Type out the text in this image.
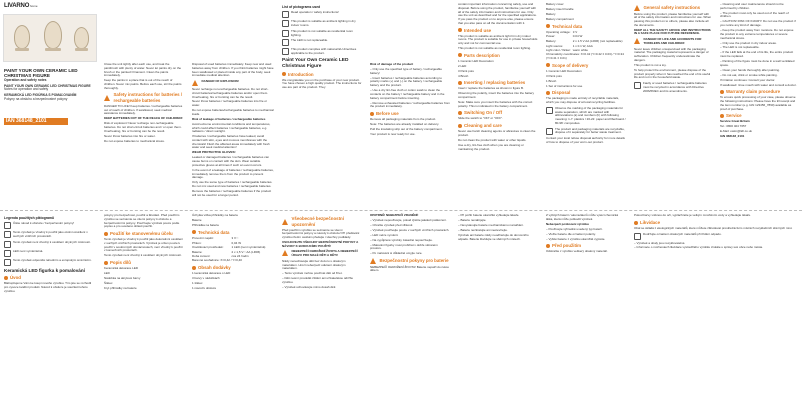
LIVARNO home
PAINT YOUR OWN CERAMIC LED CHRISTMAS FIGURE
Operation and safety notes
PAINT YOUR OWN CERAMIC LED CHRISTMAS FIGURE
Notes for operation and safety
KERAMICKÁ LED FIGÚRKA S POMAĽOVANÍM
Pokyny na obsluhu a bezpečnostné pokyny
IAN 368148_2101

Close the unit tightly after each use, and treat the paintbrush with plenty of water. Never let paints dry on the brush or the painted Ornament. Clean the paints immediately.

Keep the paints in a place that is out of the reach of children. Never mix paints. Before each use, stir the paints thoroughly.

Safety instructions for batteries / rechargeable batteries

DANGER TO LIFE! Keep batteries / rechargeable batteries out of reach of children. If swallowed, seek medical assistance immediately.

KEEP BATTERIES OUT OF THE REACH OF CHILDREN!

Risk of explosion! Never recharge non-rechargeable batteries. Do not short-circuit batteries and / or open them. Overheating, fire or bursting can be the result.

Never throw batteries into fire or water.

Do not expose batteries to mechanical stress.

Disposal of used batteries immediately. Keep new and used batteries away from children. If you think batteries might have been swallowed or placed inside any part of the body, seek immediate medical attention.

DANGER OF EXPLOSION!

Never recharge non-rechargeable batteries. Do not short-circuit batteries/rechargeable batteries and/or open them. Overheating, fire or bursting can be the result.

Never throw batteries / rechargeable batteries into fire or water.

Do not expose batteries/rechargeable batteries to mechanical loads.

Risk of leakage of batteries / rechargeable batteries

Avoid extreme environmental conditions and temperatures, which could affect batteries / rechargeable batteries, e.g. radiators / direct sunlight.

If batteries / rechargeable batteries have leaked, avoid contact with skin, eyes and mucous membranes with the chemicals! Flush the affected areas immediately with fresh water and seek medical attention!

WEAR PROTECTIVE GLOVES!

Leaked or damaged batteries / rechargeable batteries can cause burns on contact with the skin. Wear suitable protective gloves at all times if such an event occurs.

In the event of a leakage of batteries / rechargeable batteries, immediately remove them from the product to prevent damage.

Only use the same type of batteries / rechargeable batteries. Do not mix used and new batteries / rechargeable batteries.

Remove the batteries / rechargeable batteries if the product will not be used for a longer period.

List of pictograms used
Read operation / safety instructions!
This product is suitable as ambient lighting in dry indoor rooms.
This product is not suitable as residential room lighting.
The LED is not replaceable.
This product complies with national EU directives applicable to the product.
Paint Your Own Ceramic LED Christmas Figure
Introduction

We congratulate you on the purchase of your new product. You have chosen a high quality product. The instructions for use are part of the product. They

Risk of damage of the product

– Only use the specified type of battery / rechargeable battery!
– Insert batteries / rechargeable batteries according to polarity marks (+) and (-) on the battery / rechargeable battery and the product.
– Use a dry lint-free cloth or cotton swab to clean the contacts on the battery / rechargeable battery and in the battery compartment before inserting.
– Remove exhausted batteries / rechargeable batteries from the product immediately.
Before use

Remove all packaging materials from the product.

Note: The batteries are already installed on delivery.

Pull the insulating strip out of the battery compartment.

Your product is now ready for use.

contain important information concerning safety, use and disposal. Before using the product, familiarise yourself with all of the safety information and instructions for use. Only use the unit as described and for the specified applications. If you pass the product on to anyone else, please ensure that you also pass on all the documentation with it.

Intended use

This product is suitable as ambient light lit in dry indoor rooms. The product is suitable for use in private households only and not for commercial use.

This product is not suitable as residential room lighting.

Parts description

1 Ceramic LED Decoration

2 LED

3 Paint pots

4 Brush

Inserting / replacing batteries

Insert / replace the batteries as shown in figure B.

Observing the polarity, insert the batteries into the battery compartment.

Note: Make sure you insert the batteries with the correct polarity. This is indicated in the battery compartment.

Switching On / Off

Slide the switch to "ON" or "OFF".

Cleaning and care

Never use harsh cleaning agents or abrasives to clean the product.

Do not clean the product with water or other liquids.

Use a dry, lint-free cloth when you are cleaning or maintaining the product.

Battery cover

Battery insert handle

Battery

Battery compartment

Technical data
Operating voltage:	3 V
Power:	0.04 W
Battery:	2 x 1.5 V AA (LR06) (not replaceable)
Light source:	1 x 0.1 W, AAA
Light color / flicker:	warm white

Chromaticity coordinates: X=0.42 (Y=0.42 ± 0.03) / Y=0.34 (Y=0.41 ± 0.01)

Scope of delivery

1 Ceramic LED Decoration

3 Paint pots

1 Brush

1 Set of instructions for use

Disposal

The packaging is made entirely of recyclable materials, which you may dispose of at local recycling facilities.

Observe the marking of the packaging materials for waste separation, which are marked with abbreviations (a) and numbers (b) with following meaning: 1-7: plastics / 20-22: paper and fiberboard / 80-98: composites.
The product and packaging materials are recyclable, dispose of it separately for better waste treatment.

Contact your local refuse disposal authority for more details of how to dispose of your worn-out product.

General safety instructions

Before using the product, please familiarise yourself with all of the safety information and instructions for use. When passing this product on to others, please also include all the documents.

KEEP ALL THE SAFETY ADVICE AND INSTRUCTIONS IN A SAFE PLACE FOR FUTURE REFERENCE.

DANGER OF LIFE AND ACCIDENTS FOR TODDLERS AND CHILDREN!

Never leave children unsupervised with the packaging material. The packaging material represents a danger of suffocation. Children frequently underestimate the dangers.

This product is not a toy.

To help protect the environment, please dispose of the product properly when it has reached the end of its useful life and not in the household waste.

Faulty or used batteries / rechargeable batteries must be recycled in accordance with Directive 2006/66/EC and its amendments.
– Cleaning and user maintenance should not be performed by children.
– The product must only be used out of the reach of children.
– CAUTION! RISK OF INJURY! Do not use the product if you notice any kind of damage.
– Keep the product away from moisture. Do not expose the product to any extreme temperatures or severe mechanical stress.
– Only use the product in dry indoor areas.
– The LED is not replaceable.
– If the LED fails at the end of its life, the entire product must be replaced.
– Painting of the figure must be done in a well ventilated space.
– Clean your hands thoroughly after painting.
– Do not eat, drink or smoke while painting.

If irritation continues: Consult your doctor.

If swallowed: rinse mouth with water and consult a doctor.

Warranty claim procedure

To ensure quick processing of your case, please observe the following instructions: Please have the till receipt and the item number (e.g. IAN 123456_7890) available as proof of purchase.

Service

Service Great Britain

Tel.: 0800 404 7657

E-Mail: owim@lidl.co.uk

IAN 368148_2101

Legenda použitých piktogramů
Čtěte návod k obsluze / bezpečnostní pokyny!
Tento výrobek je vhodný k použití jako okolní osvětlení v suchých vnitřních prostorách.
Tento výrobek není vhodný k osvětlení obytných místností.
LED není vyměnitelná.
Tento výrobek odpovídá národním a evropským směrnicím.
Keramická LED figurka k pomalování
Úvod

Blahopřejeme Vám ke koupi nového výrobku. Tím jste se rozhodli pro vysoce kvalitní produkt. Návod k obsluze je součástí tohoto výrobku.

pokyny pro bezpečnost, použití a likvidaci. Před použitím výrobku se seznamte se všemi pokyny k obsluze a bezpečnostními pokyny. Používejte výrobek pouze podle popisu a pro uvedené oblasti použití.

Použití ke stanovenému účelu

Tento výrobek je vhodný k použití jako dekorativní osvětlení v suchých vnitřních prostorách. Výrobek je určen pouze k použití v soukromých domácnostech, není vhodný k použití v komerčních prostorách.

Tento výrobek není vhodný k osvětlení obytných místností.

Popis dílů

Keramická dekorace LED

LED

Nádobka na akrylové barvy

Štětec

Kryt přihrádky na baterie

Úchytka víčka přihrádky na baterie

Baterie

Přihrádka na baterie

Technická data
Provozní napětí:	3 V⎓
Příkon:	0,04 W
Osvětlovací prostředek:	1 LED (není vyměnitelná)
Baterie:	2 x 1,5 V⎓ AA (LR06)
Doba svícení:	cca 24 hodin

Barevné souřadnice: X=0,42 / Y=0,40

Obsah dodávky

1 keramická dekorace s LED

3 barvy v nádobkách

1 štětec

1 návod k obsluze

Všeobecné bezpečnostní upozornění

Před použitím výrobku se seznamte se všemi bezpečnostními pokyny a návody k obsluze! Při předávání výrobku třetím osobám předejte i všechny podklady.

USCHOVEJTE VŠECHNY BEZPEČNOSTNÍ POKYNY A NÁVODY K BUDOUCÍMU POUŽITÍ!

NEBEZPEČÍ OHROŽENÍ ŽIVOTA A NEBEZPEČÍ ÚRAZU PRO MALÉ DĚTI A DĚTI!

Nikdy nenechávejte děti bez dozoru s obalovým materiálem. Hrozí nebezpečí udušení obalovým materiálem.

– Tento výrobek mohou používat děti od 8 let.
– Děti nesmí provádět čištění ani uživatelskou údržbu výrobku.
– Výrobek uchovávejte mimo dosah dětí.

OPATRNĚ! NEBEZPEČÍ ZRANĚNÍ!

– Výrobek nepoužívejte, pokud zjistíte jakékoli poškození.
– Chraňte výrobek před vlhkostí.
– Výrobek používejte pouze v suchých vnitřních prostorách.
– LED nelze vyměnit.
– Na vypůjčené výrobky zásadně nepoužívejte.
– Malování figurky musí probíhat v dobře větraném prostoru.
– Po malování si důkladně umyjte ruce.
Bezpečnostní pokyny pro baterie

NEBEZPEČÍ OHROŽENÍ ŽIVOTA! Baterie nepatří do rukou dětem.

– Při požití baterie okamžitě vyhledejte lékaře.
– Baterie nenabíjejte.
– Nevystavujte baterie mechanickému namáhání.
– Baterie nezkratujte ani neotevírejte.

Výrobek ani baterie nikdy neodhazujte do domovního odpadu. Baterie likvidujte ve sběrných místech.

Z vybitých baterií / akumulátorů může vytéct chemická látka, která může poškodit výrobek.

Nebezpečí poškození výrobku

– Používejte výhradně uvedený typ baterií.
– Vložte baterie dle označení polarity.
– Vybité baterie z výrobku okamžitě vyjměte.
Před použitím

Odstraňte z výrobku veškerý obalový materiál.

Pokud barvy vniknou do očí, vypláchněte je velkým množstvím vody a vyhledejte lékaře.

Likvidace

Obal se skládá z ekologických materiálů, které můžete zlikvidovat prostřednictvím místních recyklačních sběrných míst.

Dodržujte označení obalových materiálů při třídění odpadu.
– Výrobek a obaly jsou recyklovatelné.
– Informace o možnostech likvidace vysloužilého výrobku získáte u správy své obce nebo města.
